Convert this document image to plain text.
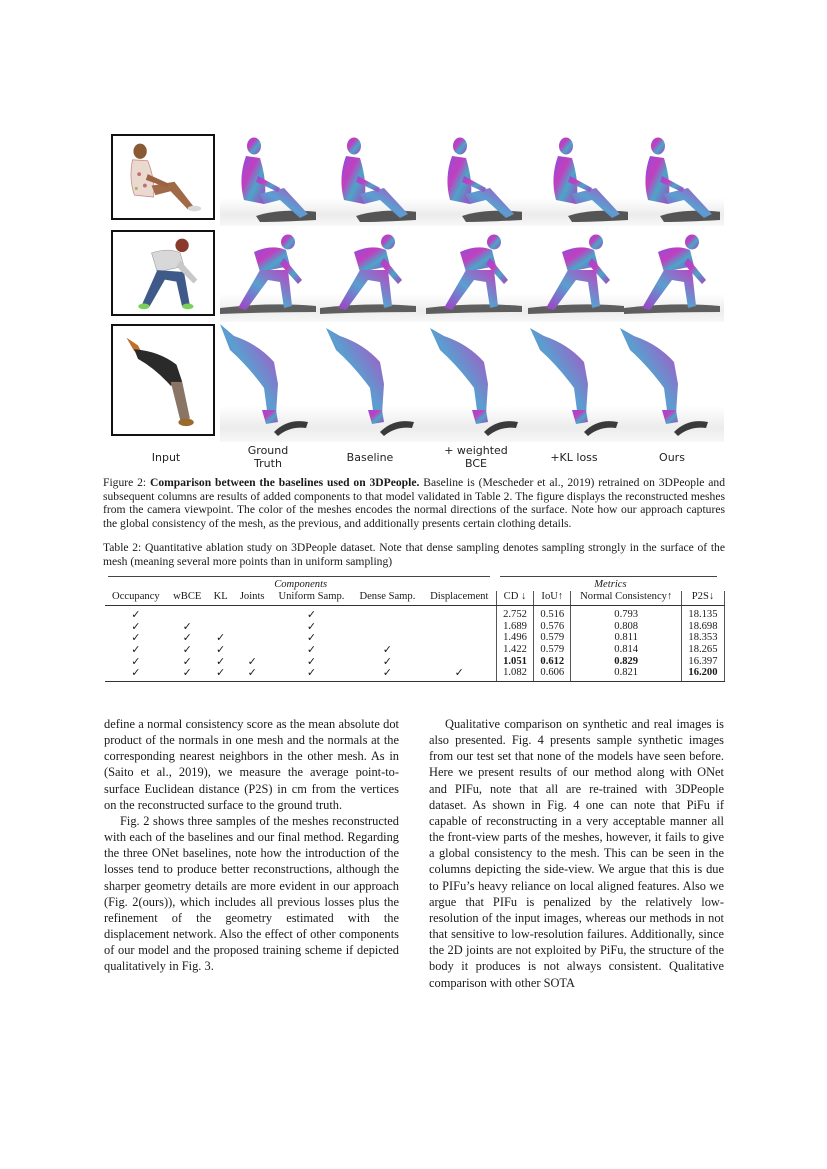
Input
Ground
Truth	Baseline
+ weighted
BCE	+KL loss	Ours
Figure 2: Comparison between the baselines used on 3DPeople. Baseline is (Mescheder et al., 2019) retrained on 3DPeople and subsequent columns are results of added components to that model validated in Table 2. The figure displays the reconstructed meshes from the camera viewpoint. The color of the meshes encodes the normal directions of the surface. Note how our approach captures the global consistency of the mesh, as the previous, and additionally presents certain clothing details.
Table 2: Quantitative ablation study on 3DPeople dataset. Note that dense sampling denotes sampling strongly in the surface of the mesh (meaning several more points than in uniform sampling)
Components							Metrics			
Occupancy	wBCE	KL	Joints	Uniform Samp.	Dense Samp.	Displacement	CD ↓	IoU↑	Normal Consistency↑	P2S↓
✓				✓			2.752	0.516	0.793	18.135
✓	✓			✓			1.689	0.576	0.808	18.698
✓	✓	✓		✓			1.496	0.579	0.811	18.353
✓	✓	✓		✓	✓		1.422	0.579	0.814	18.265
✓	✓	✓	✓	✓	✓		1.051	0.612	0.829	16.397
✓	✓	✓	✓	✓	✓	✓	1.082	0.606	0.821	16.200

define a normal consistency score as the mean absolute dot product of the normals in one mesh and the normals at the corresponding nearest neighbors in the other mesh. As in (Saito et al., 2019), we measure the average point-to-surface Euclidean distance (P2S) in cm from the vertices on the reconstructed surface to the ground truth.

Fig. 2 shows three samples of the meshes reconstructed with each of the baselines and our final method. Regarding the three ONet baselines, note how the introduction of the losses tend to produce better reconstructions, although the sharper geometry details are more evident in our approach (Fig. 2(ours)), which includes all previous losses plus the refinement of the geometry estimated with the displacement network. Also the effect of other components of our model and the proposed training scheme if depicted qualitatively in Fig. 3.

Qualitative comparison on synthetic and real images is also presented. Fig. 4 presents sample synthetic images from our test set that none of the models have seen before. Here we present results of our method along with ONet and PIFu, note that all are re-trained with 3DPeople dataset. As shown in Fig. 4 one can note that PiFu if capable of reconstructing in a very acceptable manner all the front-view parts of the meshes, however, it fails to give a global consistency to the mesh. This can be seen in the columns depicting the side-view. We argue that this is due to PIFu’s heavy reliance on local aligned features. Also we argue that PIFu is penalized by the relatively low-resolution of the input images, whereas our methods in not that sensitive to low-resolution failures. Additionally, since the 2D joints are not exploited by PiFu, the structure of the body it produces is not always consistent. Qualitative comparison with other SOTA
